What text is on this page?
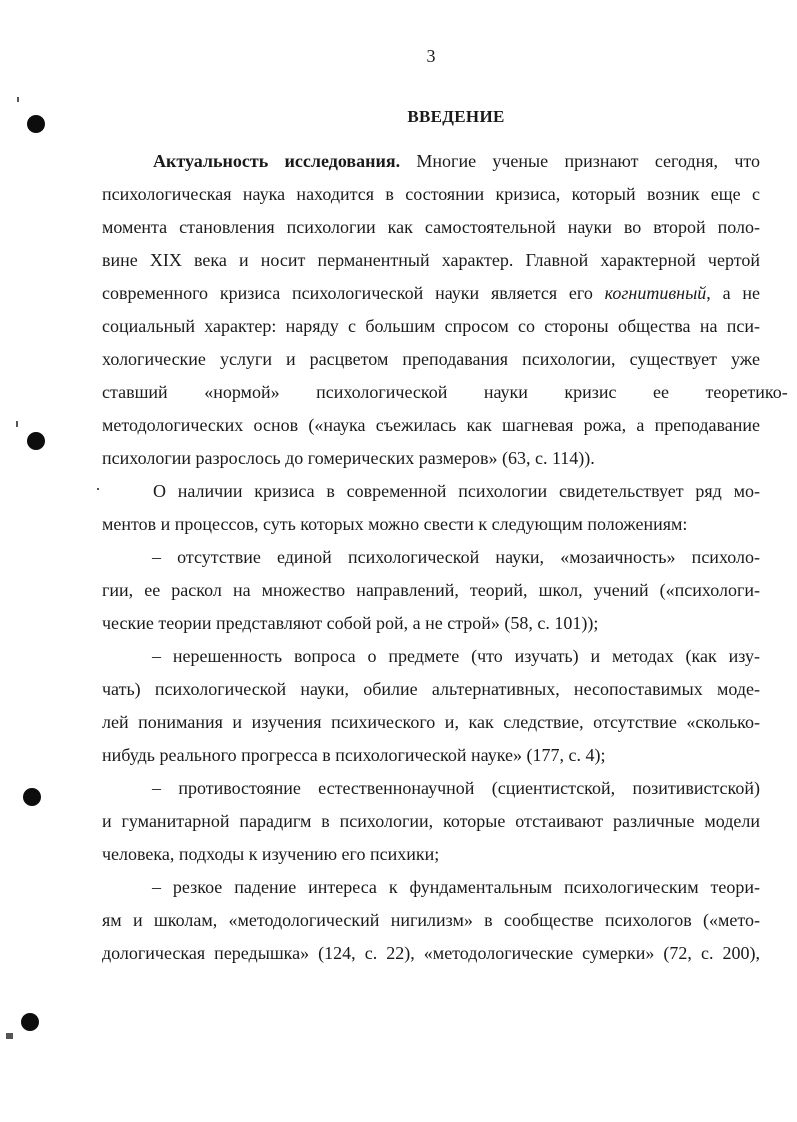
3
ВВЕДЕНИЕ
Актуальность исследования. Многие ученые признают сегодня, что
психологическая наука находится в состоянии кризиса, который возник еще с
момента становления психологии как самостоятельной науки во второй поло-
вине XIX века и носит перманентный характер. Главной характерной чертой
современного кризиса психологической науки является его когнитивный, а не
социальный характер: наряду с большим спросом со стороны общества на пси-
хологические услуги и расцветом преподавания психологии, существует уже
ставший «нормой» психологической науки кризис ее теоретико-
методологических основ («наука съежилась как шагневая рожа, а преподавание
психологии разрослось до гомерических размеров» (63, с. 114)).
О наличии кризиса в современной психологии свидетельствует ряд мо-
ментов и процессов, суть которых можно свести к следующим положениям:
– отсутствие единой психологической науки, «мозаичность» психоло-
гии, ее раскол на множество направлений, теорий, школ, учений («психологи-
ческие теории представляют собой рой, а не строй» (58, с. 101));
– нерешенность вопроса о предмете (что изучать) и методах (как изу-
чать) психологической науки, обилие альтернативных, несопоставимых моде-
лей понимания и изучения психического и, как следствие, отсутствие «сколько-
нибудь реального прогресса в психологической науке» (177, с. 4);
– противостояние естественнонаучной (сциентистской, позитивистской)
и гуманитарной парадигм в психологии, которые отстаивают различные модели
человека, подходы к изучению его психики;
– резкое падение интереса к фундаментальным психологическим теори-
ям и школам, «методологический нигилизм» в сообществе психологов («мето-
дологическая передышка» (124, с. 22), «методологические сумерки» (72, с. 200),
